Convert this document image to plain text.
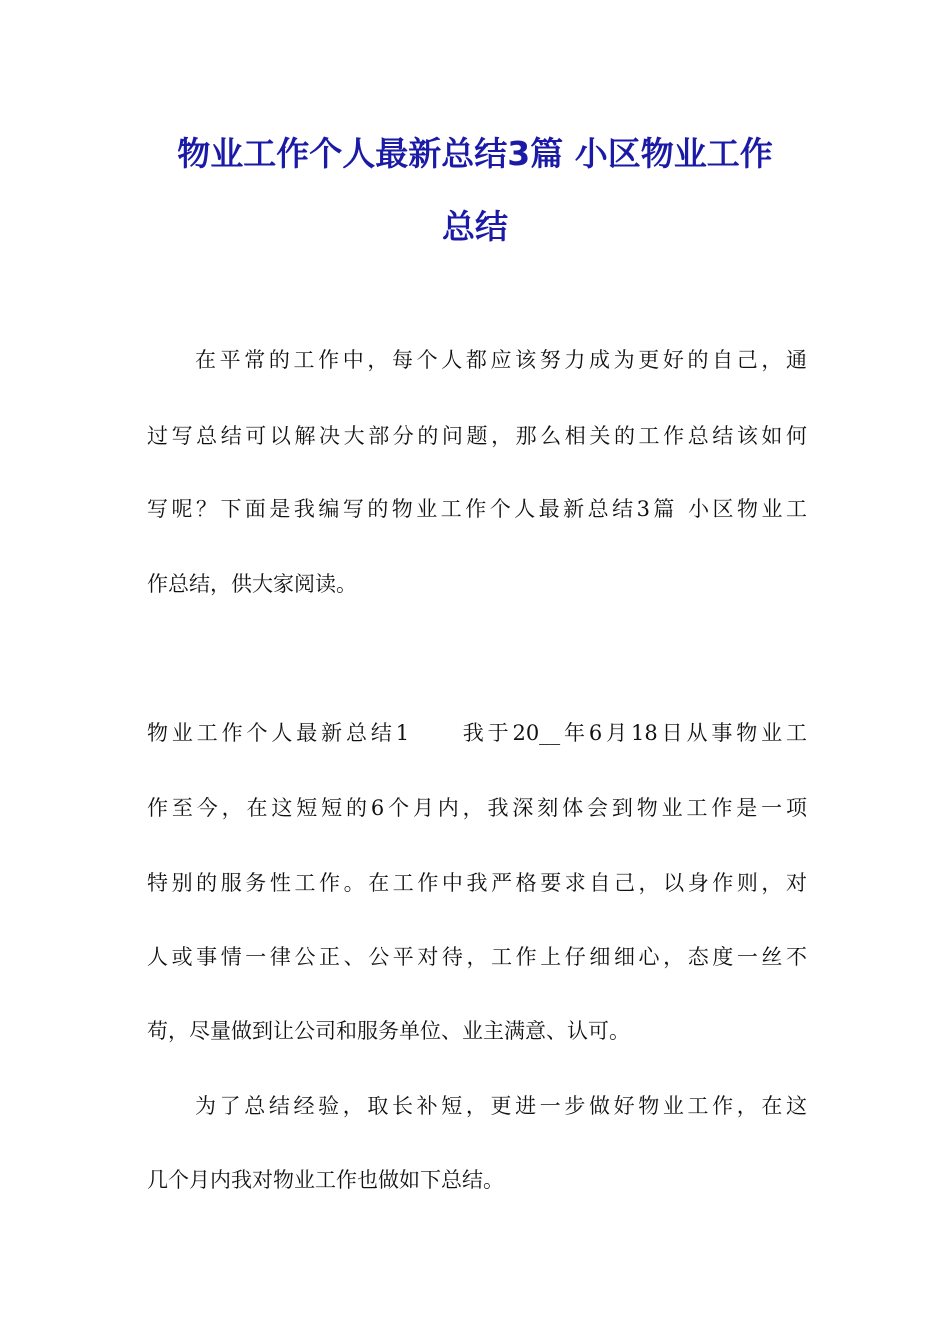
物业工作个人最新总结3篇 小区物业工作
总结
在平常的工作中，每个人都应该努力成为更好的自己，通
过写总结可以解决大部分的问题，那么相关的工作总结该如何
写呢？下面是我编写的物业工作个人最新总结3篇 小区物业工
作总结，供大家阅读。
物业工作个人最新总结1　　我于20__年6月18日从事物业工
作至今，在这短短的6个月内，我深刻体会到物业工作是一项
特别的服务性工作。在工作中我严格要求自己，以身作则，对
人或事情一律公正、公平对待，工作上仔细细心，态度一丝不
苟，尽量做到让公司和服务单位、业主满意、认可。
为了总结经验，取长补短，更进一步做好物业工作，在这
几个月内我对物业工作也做如下总结。
